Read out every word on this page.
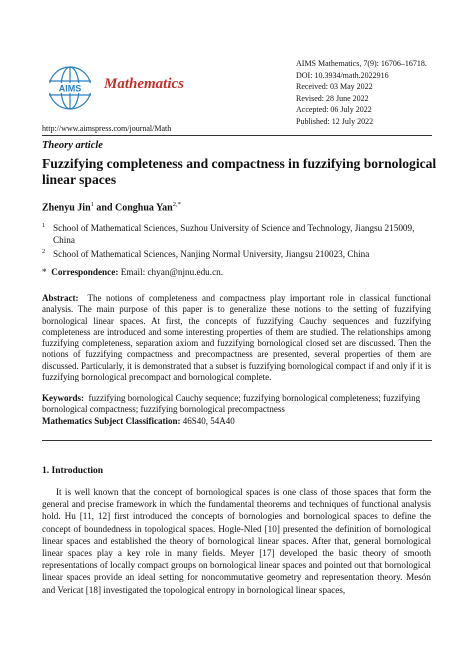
AIMS Mathematics
http://www.aimspress.com/journal/Math
AIMS Mathematics, 7(9): 16706–16718.
DOI: 10.3934/math.2022916
Received: 03 May 2022
Revised: 28 June 2022
Accepted: 06 July 2022
Published: 12 July 2022
Theory article
Fuzzifying completeness and compactness in fuzzifying bornological linear spaces
Zhenyu Jin$^1$ and Conghua Yan$^{2,*}$
1 School of Mathematical Sciences, Suzhou University of Science and Technology, Jiangsu 215009, China
2 School of Mathematical Sciences, Nanjing Normal University, Jiangsu 210023, China
* Correspondence: Email: chyan@njnu.edu.cn.
Abstract: The notions of completeness and compactness play important role in classical functional analysis. The main purpose of this paper is to generalize these notions to the setting of fuzzifying bornological linear spaces. At first, the concepts of fuzzifying Cauchy sequences and fuzzifying completeness are introduced and some interesting properties of them are studied. The relationships among fuzzifying completeness, separation axiom and fuzzifying bornological closed set are discussed. Then the notions of fuzzifying compactness and precompactness are presented, several properties of them are discussed. Particularly, it is demonstrated that a subset is fuzzifying bornological compact if and only if it is fuzzifying bornological precompact and bornological complete.
Keywords: fuzzifying bornological Cauchy sequence; fuzzifying bornological completeness; fuzzifying bornological compactness; fuzzifying bornological precompactness
Mathematics Subject Classification: 46S40, 54A40
1. Introduction
It is well known that the concept of bornological spaces is one class of those spaces that form the general and precise framework in which the fundamental theorems and techniques of functional analysis hold. Hu [11, 12] first introduced the concepts of bornologies and bornological spaces to define the concept of boundedness in topological spaces. Hogle-Nled [10] presented the definition of bornological linear spaces and established the theory of bornological linear spaces. After that, general bornological linear spaces play a key role in many fields. Meyer [17] developed the basic theory of smooth representations of locally compact groups on bornological linear spaces and pointed out that bornological linear spaces provide an ideal setting for noncommutative geometry and representation theory. Mesón and Vericat [18] investigated the topological entropy in bornological linear spaces,
